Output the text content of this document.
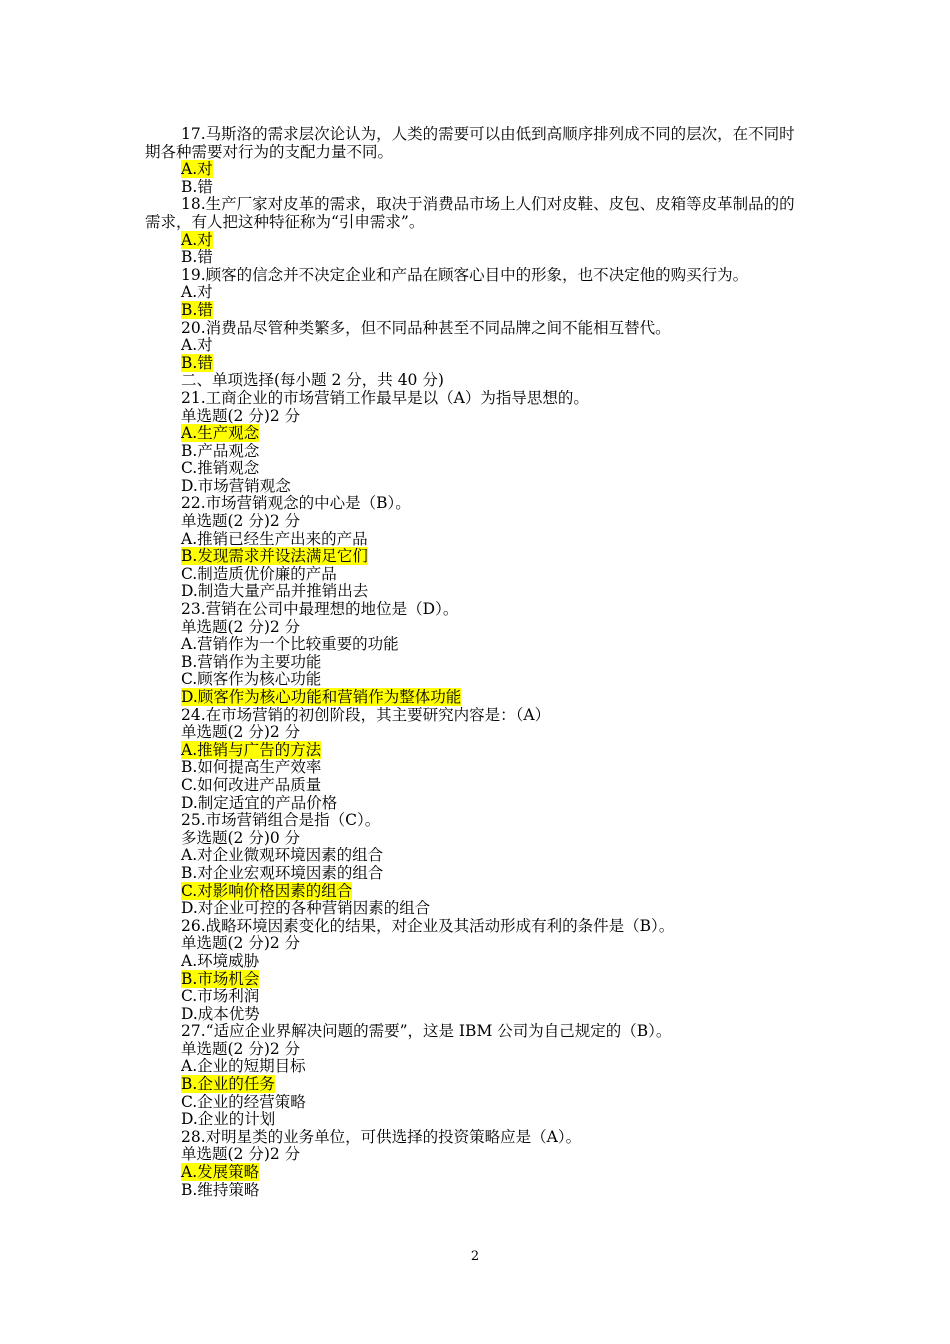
17.马斯洛的需求层次论认为，人类的需要可以由低到高顺序排列成不同的层次，在不同时期各种需要对行为的支配力量不同。
A.对
B.错
18.生产厂家对皮革的需求，取决于消费品市场上人们对皮鞋、皮包、皮箱等皮革制品的的需求，有人把这种特征称为“引申需求”。
A.对
B.错
19.顾客的信念并不决定企业和产品在顾客心目中的形象，也不决定他的购买行为。
A.对
B.错
20.消费品尽管种类繁多，但不同品种甚至不同品牌之间不能相互替代。
A.对
B.错
二、单项选择(每小题 2 分，共 40 分)
21.工商企业的市场营销工作最早是以（A）为指导思想的。
单选题(2 分)2 分
A.生产观念
B.产品观念
C.推销观念
D.市场营销观念
22.市场营销观念的中心是（B）。
单选题(2 分)2 分
A.推销已经生产出来的产品
B.发现需求并设法满足它们
C.制造质优价廉的产品
D.制造大量产品并推销出去
23.营销在公司中最理想的地位是（D）。
单选题(2 分)2 分
A.营销作为一个比较重要的功能
B.营销作为主要功能
C.顾客作为核心功能
D.顾客作为核心功能和营销作为整体功能
24.在市场营销的初创阶段，其主要研究内容是：（A）
单选题(2 分)2 分
A.推销与广告的方法
B.如何提高生产效率
C.如何改进产品质量
D.制定适宜的产品价格
25.市场营销组合是指（C）。
多选题(2 分)0 分
A.对企业微观环境因素的组合
B.对企业宏观环境因素的组合
C.对影响价格因素的组合
D.对企业可控的各种营销因素的组合
26.战略环境因素变化的结果，对企业及其活动形成有利的条件是（B）。
单选题(2 分)2 分
A.环境威胁
B.市场机会
C.市场利润
D.成本优势
27.“适应企业界解决问题的需要”，这是 IBM 公司为自己规定的（B）。
单选题(2 分)2 分
A.企业的短期目标
B.企业的任务
C.企业的经营策略
D.企业的计划
28.对明星类的业务单位，可供选择的投资策略应是（A）。
单选题(2 分)2 分
A.发展策略
B.维持策略
2
